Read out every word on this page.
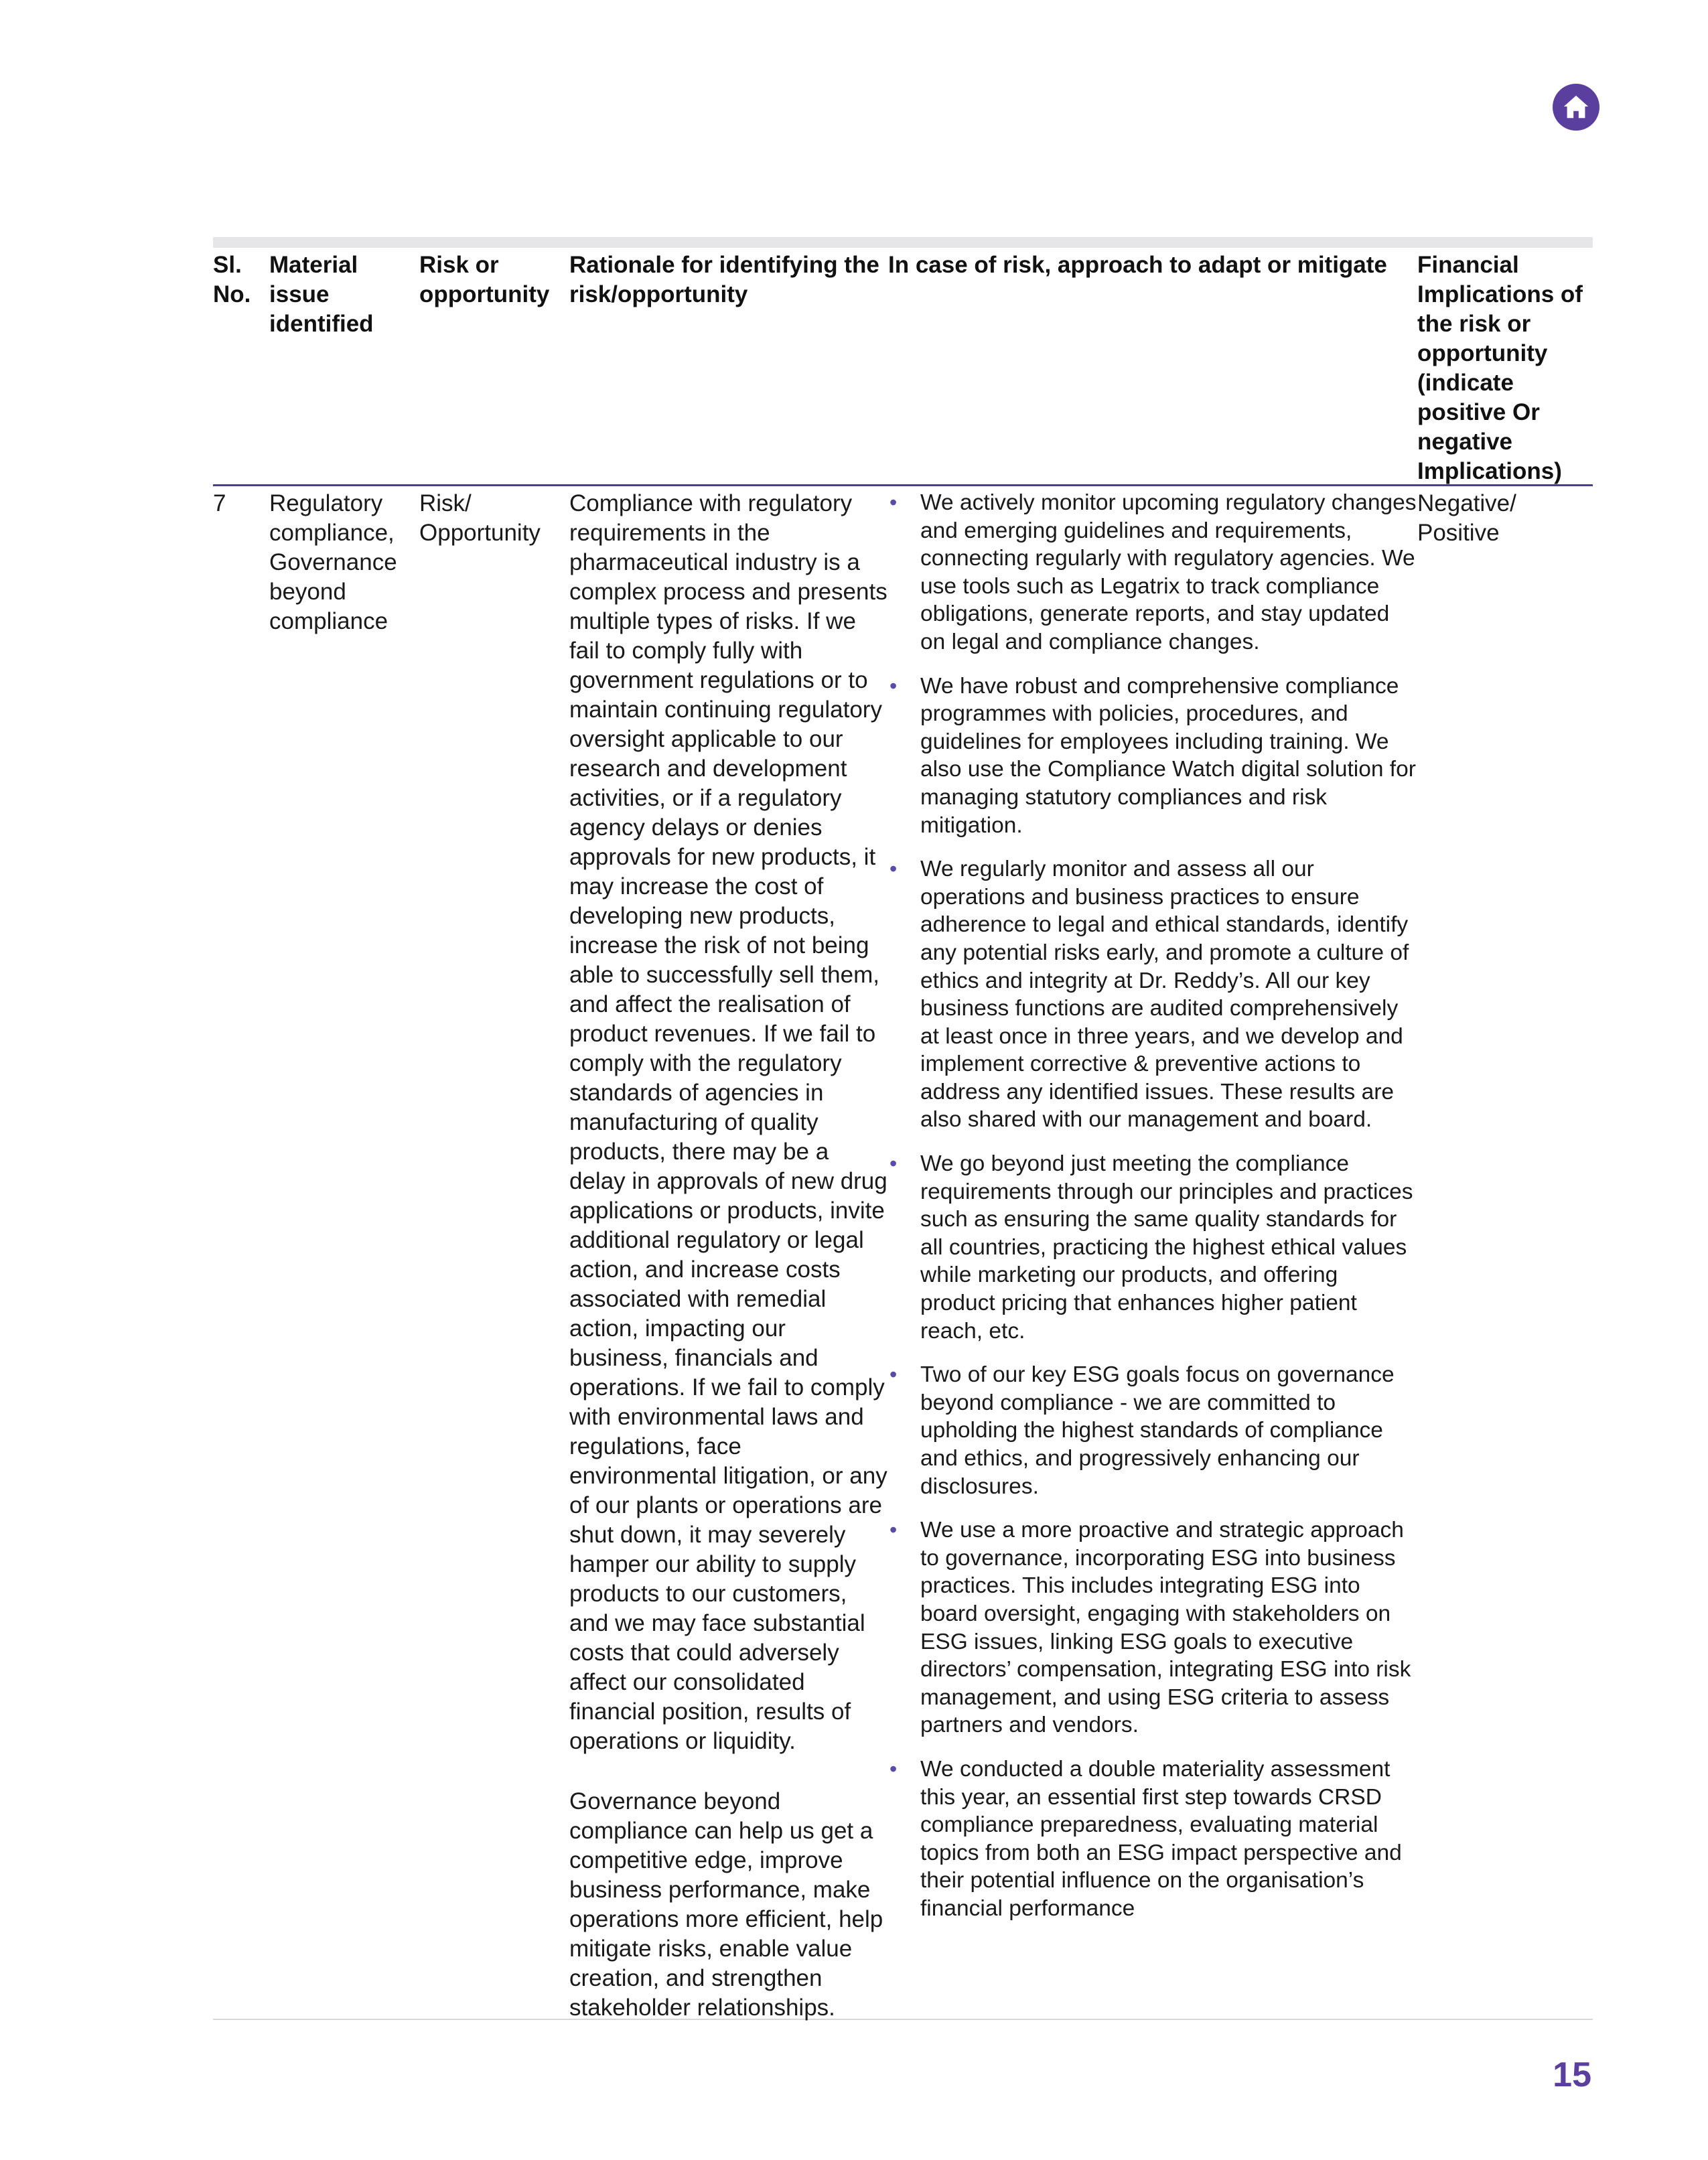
Sl. No.
Material issue identified
Risk or opportunity
Rationale for identifying the risk/opportunity
In case of risk, approach to adapt or mitigate	Financial Implications of the risk or opportunity (indicate positive Or negative Implications)
7	Regulatory compliance, Governance beyond compliance
Risk/ Opportunity

Compliance with regulatory requirements in the pharmaceutical industry is a complex process and presents multiple types of risks. If we fail to comply fully with government regulations or to maintain continuing regulatory oversight applicable to our research and development activities, or if a regulatory agency delays or denies approvals for new products, it may increase the cost of developing new products, increase the risk of not being able to successfully sell them, and affect the realisation of product revenues. If we fail to comply with the regulatory standards of agencies in manufacturing of quality products, there may be a delay in approvals of new drug applications or products, invite additional regulatory or legal action, and increase costs associated with remedial action, impacting our business, financials and operations. If we fail to comply with environmental laws and regulations, face environmental litigation, or any of our plants or operations are shut down, it may severely hamper our ability to supply products to our customers, and we may face substantial costs that could adversely affect our consolidated financial position, results of operations or liquidity.

Governance beyond compliance can help us get a competitive edge, improve business performance, make operations more efficient, help mitigate risks, enable value creation, and strengthen stakeholder relationships.

• We actively monitor upcoming regulatory changes and emerging guidelines and requirements, connecting regularly with regulatory agencies. We use tools such as Legatrix to track compliance obligations, generate reports, and stay updated on legal and compliance changes.
• We have robust and comprehensive compliance programmes with policies, procedures, and guidelines for employees including training. We also use the Compliance Watch digital solution for managing statutory compliances and risk mitigation.
• We regularly monitor and assess all our operations and business practices to ensure adherence to legal and ethical standards, identify any potential risks early, and promote a culture of ethics and integrity at Dr. Reddy’s. All our key business functions are audited comprehensively at least once in three years, and we develop and implement corrective & preventive actions to address any identified issues. These results are also shared with our management and board.
• We go beyond just meeting the compliance requirements through our principles and practices such as ensuring the same quality standards for all countries, practicing the highest ethical values while marketing our products, and offering product pricing that enhances higher patient reach, etc.
• Two of our key ESG goals focus on governance beyond compliance - we are committed to upholding the highest standards of compliance and ethics, and progressively enhancing our disclosures.
• We use a more proactive and strategic approach to governance, incorporating ESG into business practices. This includes integrating ESG into board oversight, engaging with stakeholders on ESG issues, linking ESG goals to executive directors’ compensation, integrating ESG into risk management, and using ESG criteria to assess partners and vendors.
• We conducted a double materiality assessment this year, an essential first step towards CRSD compliance preparedness, evaluating material topics from both an ESG impact perspective and their potential influence on the organisation’s financial performance
Negative/ Positive
15
